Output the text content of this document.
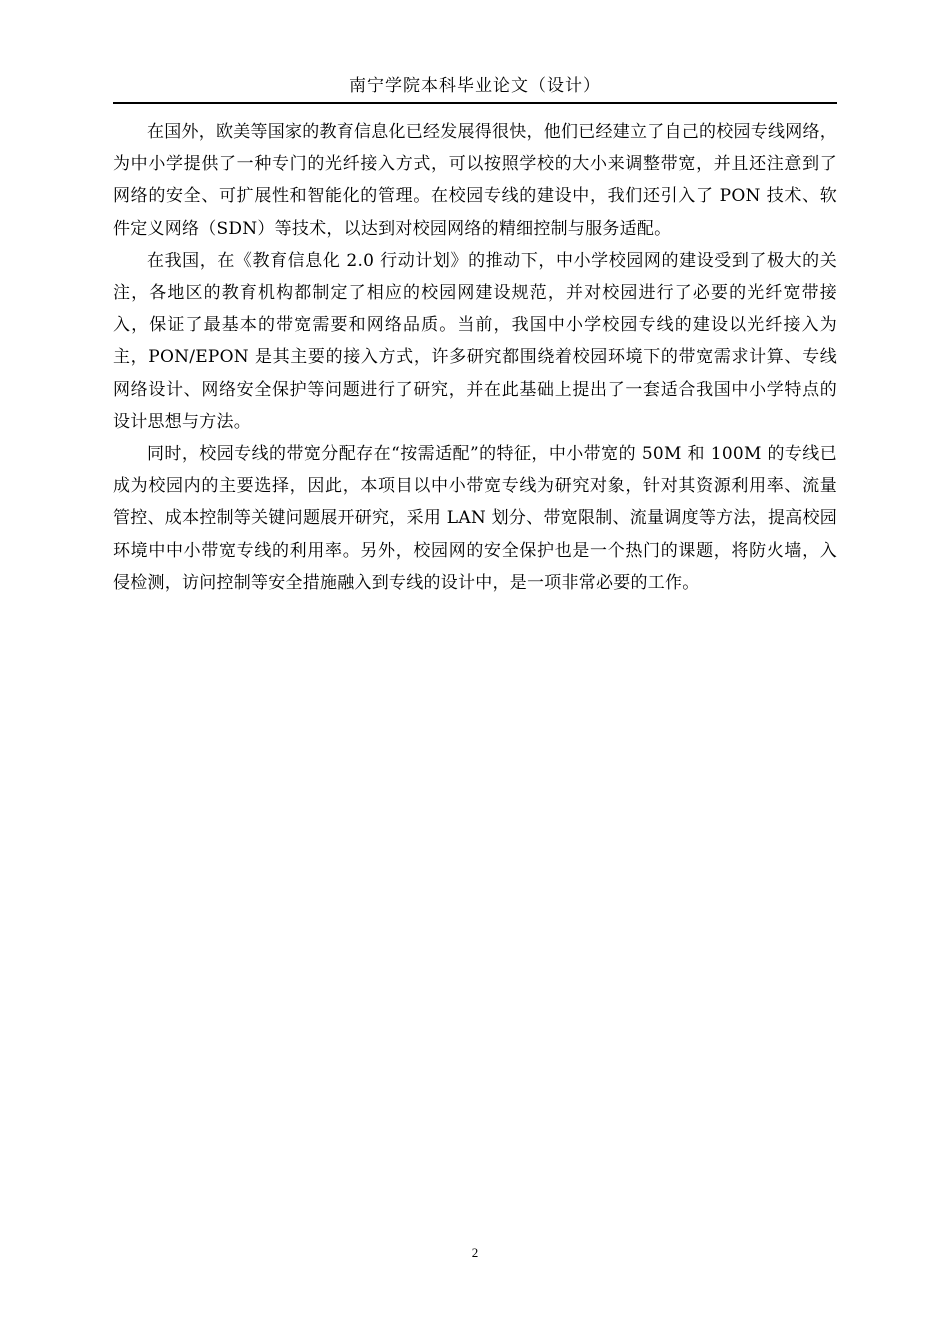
南宁学院本科毕业论文（设计）

在国外，欧美等国家的教育信息化已经发展得很快，他们已经建立了自己的校园专线网络，为中小学提供了一种专门的光纤接入方式，可以按照学校的大小来调整带宽，并且还注意到了网络的安全、可扩展性和智能化的管理。在校园专线的建设中，我们还引入了 PON 技术、软件定义网络（SDN）等技术，以达到对校园网络的精细控制与服务适配。

在我国，在《教育信息化 2.0 行动计划》的推动下，中小学校园网的建设受到了极大的关注，各地区的教育机构都制定了相应的校园网建设规范，并对校园进行了必要的光纤宽带接入，保证了最基本的带宽需要和网络品质。当前，我国中小学校园专线的建设以光纤接入为主，PON/EPON 是其主要的接入方式，许多研究都围绕着校园环境下的带宽需求计算、专线网络设计、网络安全保护等问题进行了研究，并在此基础上提出了一套适合我国中小学特点的设计思想与方法。

同时，校园专线的带宽分配存在“按需适配”的特征，中小带宽的 50M 和 100M 的专线已成为校园内的主要选择，因此，本项目以中小带宽专线为研究对象，针对其资源利用率、流量管控、成本控制等关键问题展开研究，采用 LAN 划分、带宽限制、流量调度等方法，提高校园环境中中小带宽专线的利用率。另外，校园网的安全保护也是一个热门的课题，将防火墙，入侵检测，访问控制等安全措施融入到专线的设计中，是一项非常必要的工作。

2
